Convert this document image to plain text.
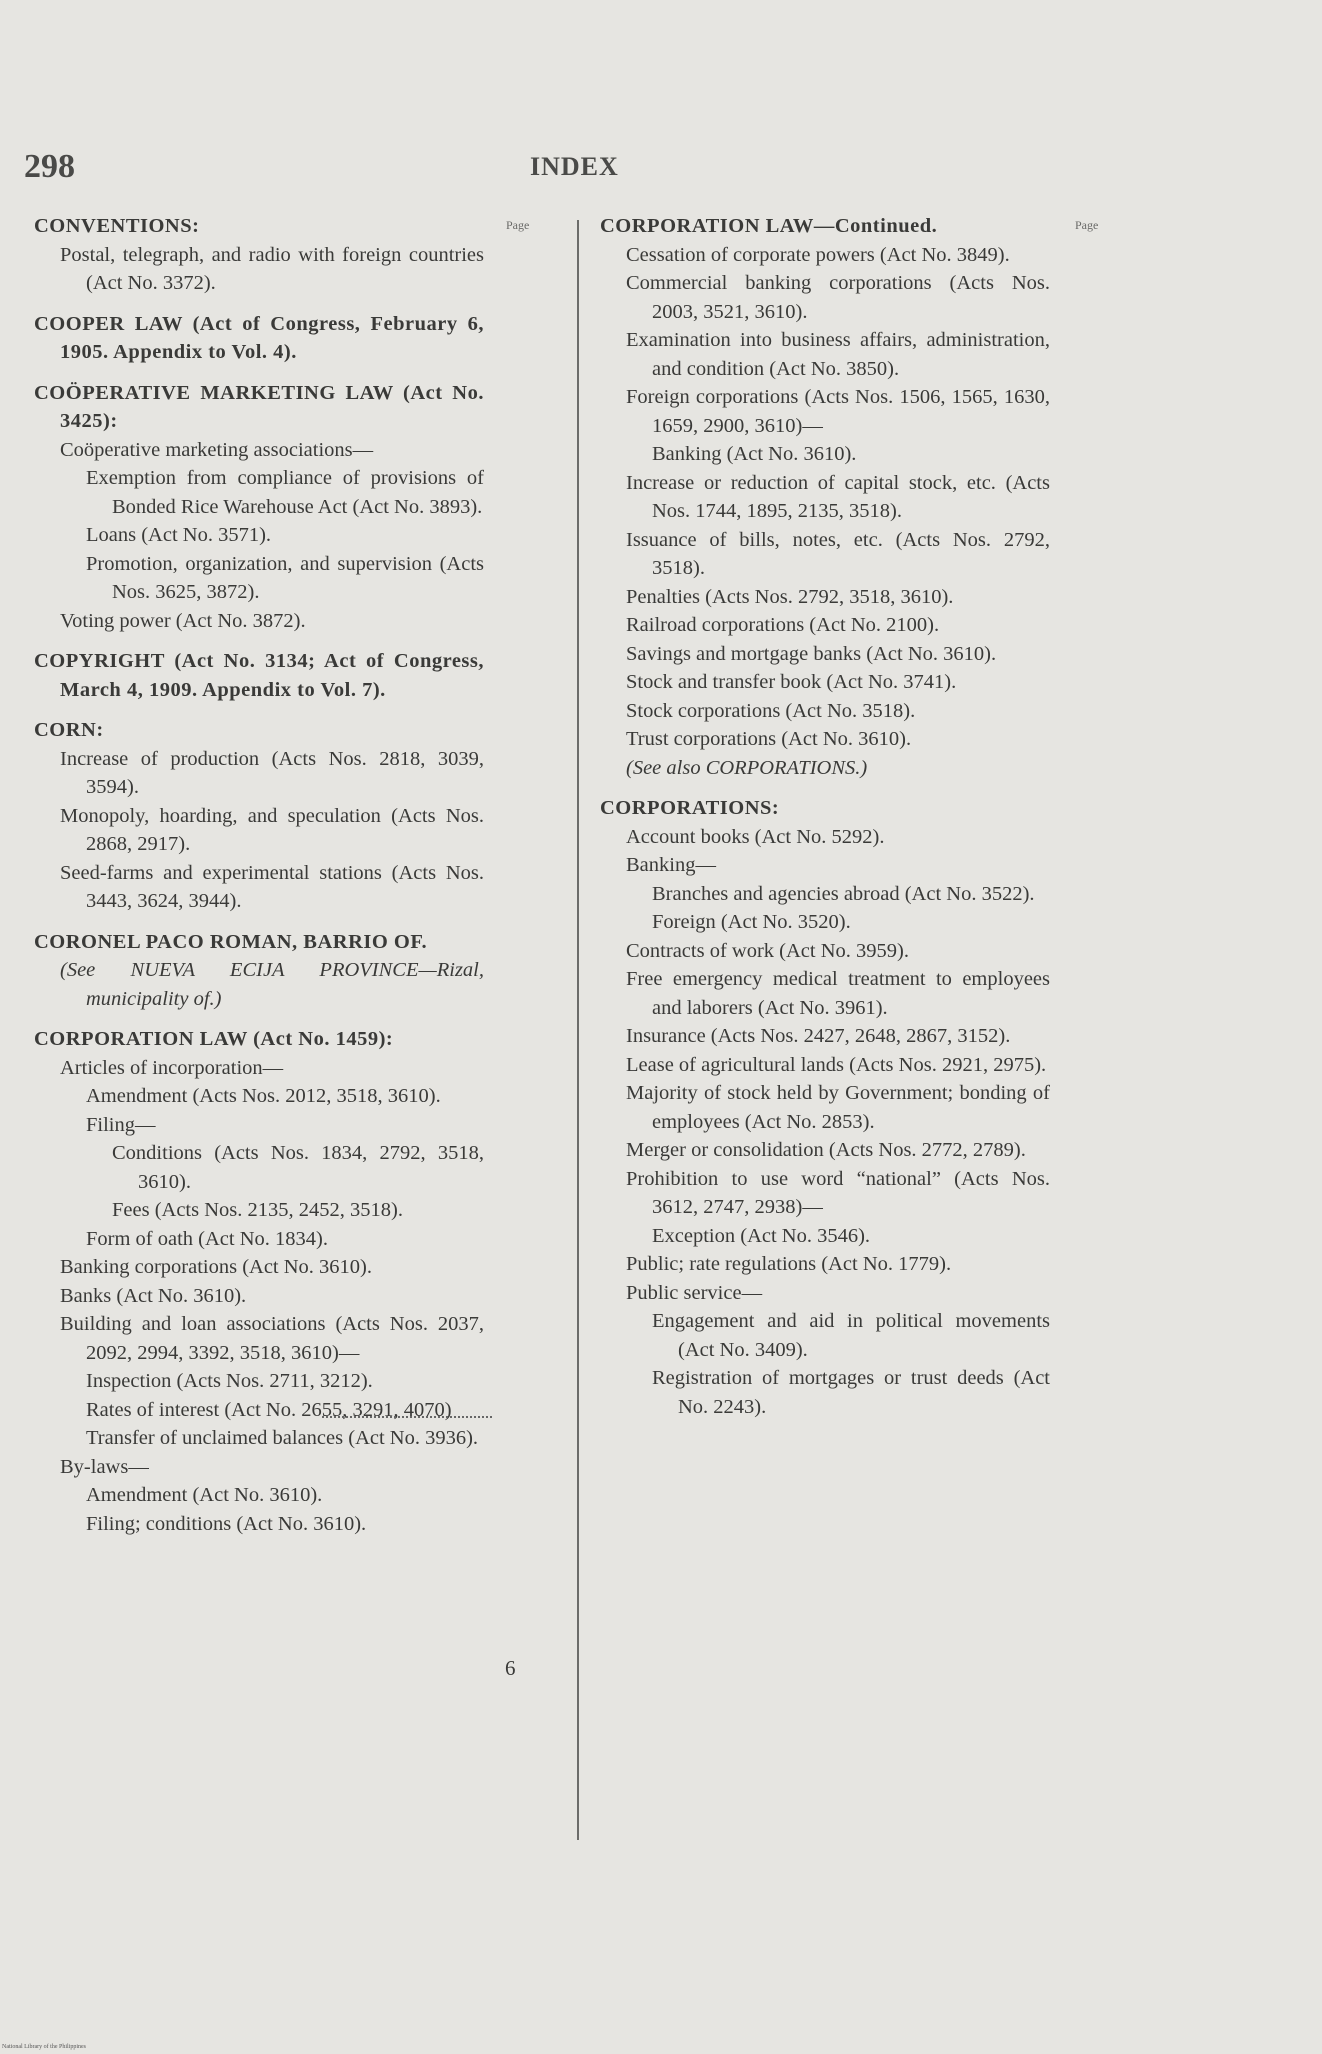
298	INDEX
Page	Page
CONVENTIONS:
Postal, telegraph, and radio with foreign countries (Act No. 3372).
COOPER LAW (Act of Congress, February 6, 1905. Appendix to Vol. 4).
COÖPERATIVE MARKETING LAW (Act No. 3425):
Coöperative marketing associations—
Exemption from compliance of provisions of Bonded Rice Warehouse Act (Act No. 3893).
Loans (Act No. 3571).
Promotion, organization, and supervision (Acts Nos. 3625, 3872).
Voting power (Act No. 3872).
COPYRIGHT (Act No. 3134; Act of Congress, March 4, 1909. Appendix to Vol. 7).
CORN:
Increase of production (Acts Nos. 2818, 3039, 3594).
Monopoly, hoarding, and speculation (Acts Nos. 2868, 2917).
Seed-farms and experimental stations (Acts Nos. 3443, 3624, 3944).
CORONEL PACO ROMAN, BARRIO OF.
(See NUEVA ECIJA PROVINCE—Rizal, municipality of.)
CORPORATION LAW (Act No. 1459):
Articles of incorporation—
Amendment (Acts Nos. 2012, 3518, 3610).
Filing—
Conditions (Acts Nos. 1834, 2792, 3518, 3610).
Fees (Acts Nos. 2135, 2452, 3518).
Form of oath (Act No. 1834).
Banking corporations (Act No. 3610).
Banks (Act No. 3610).
Building and loan associations (Acts Nos. 2037, 2092, 2994, 3392, 3518, 3610)—
Inspection (Acts Nos. 2711, 3212).
Rates of interest (Act No. 2655, 3291, 4070)
Transfer of unclaimed balances (Act No. 3936).
By-laws—
Amendment (Act No. 3610).
Filing; conditions (Act No. 3610).
CORPORATION LAW—Continued.
Cessation of corporate powers (Act No. 3849).
Commercial banking corporations (Acts Nos. 2003, 3521, 3610).
Examination into business affairs, administration, and condition (Act No. 3850).
Foreign corporations (Acts Nos. 1506, 1565, 1630, 1659, 2900, 3610)—
Banking (Act No. 3610).
Increase or reduction of capital stock, etc. (Acts Nos. 1744, 1895, 2135, 3518).
Issuance of bills, notes, etc. (Acts Nos. 2792, 3518).
Penalties (Acts Nos. 2792, 3518, 3610).
Railroad corporations (Act No. 2100).
Savings and mortgage banks (Act No. 3610).
Stock and transfer book (Act No. 3741).
Stock corporations (Act No. 3518).
Trust corporations (Act No. 3610).
(See also CORPORATIONS.)
CORPORATIONS:
Account books (Act No. 5292).
Banking—
Branches and agencies abroad (Act No. 3522).
Foreign (Act No. 3520).
Contracts of work (Act No. 3959).
Free emergency medical treatment to employees and laborers (Act No. 3961).
Insurance (Acts Nos. 2427, 2648, 2867, 3152).
Lease of agricultural lands (Acts Nos. 2921, 2975).
Majority of stock held by Government; bonding of employees (Act No. 2853).
Merger or consolidation (Acts Nos. 2772, 2789).
Prohibition to use word “national” (Acts Nos. 3612, 2747, 2938)—
Exception (Act No. 3546).
Public; rate regulations (Act No. 1779).
Public service—
Engagement and aid in political movements (Act No. 3409).
Registration of mortgages or trust deeds (Act No. 2243).
6
National Library of the Philippines
